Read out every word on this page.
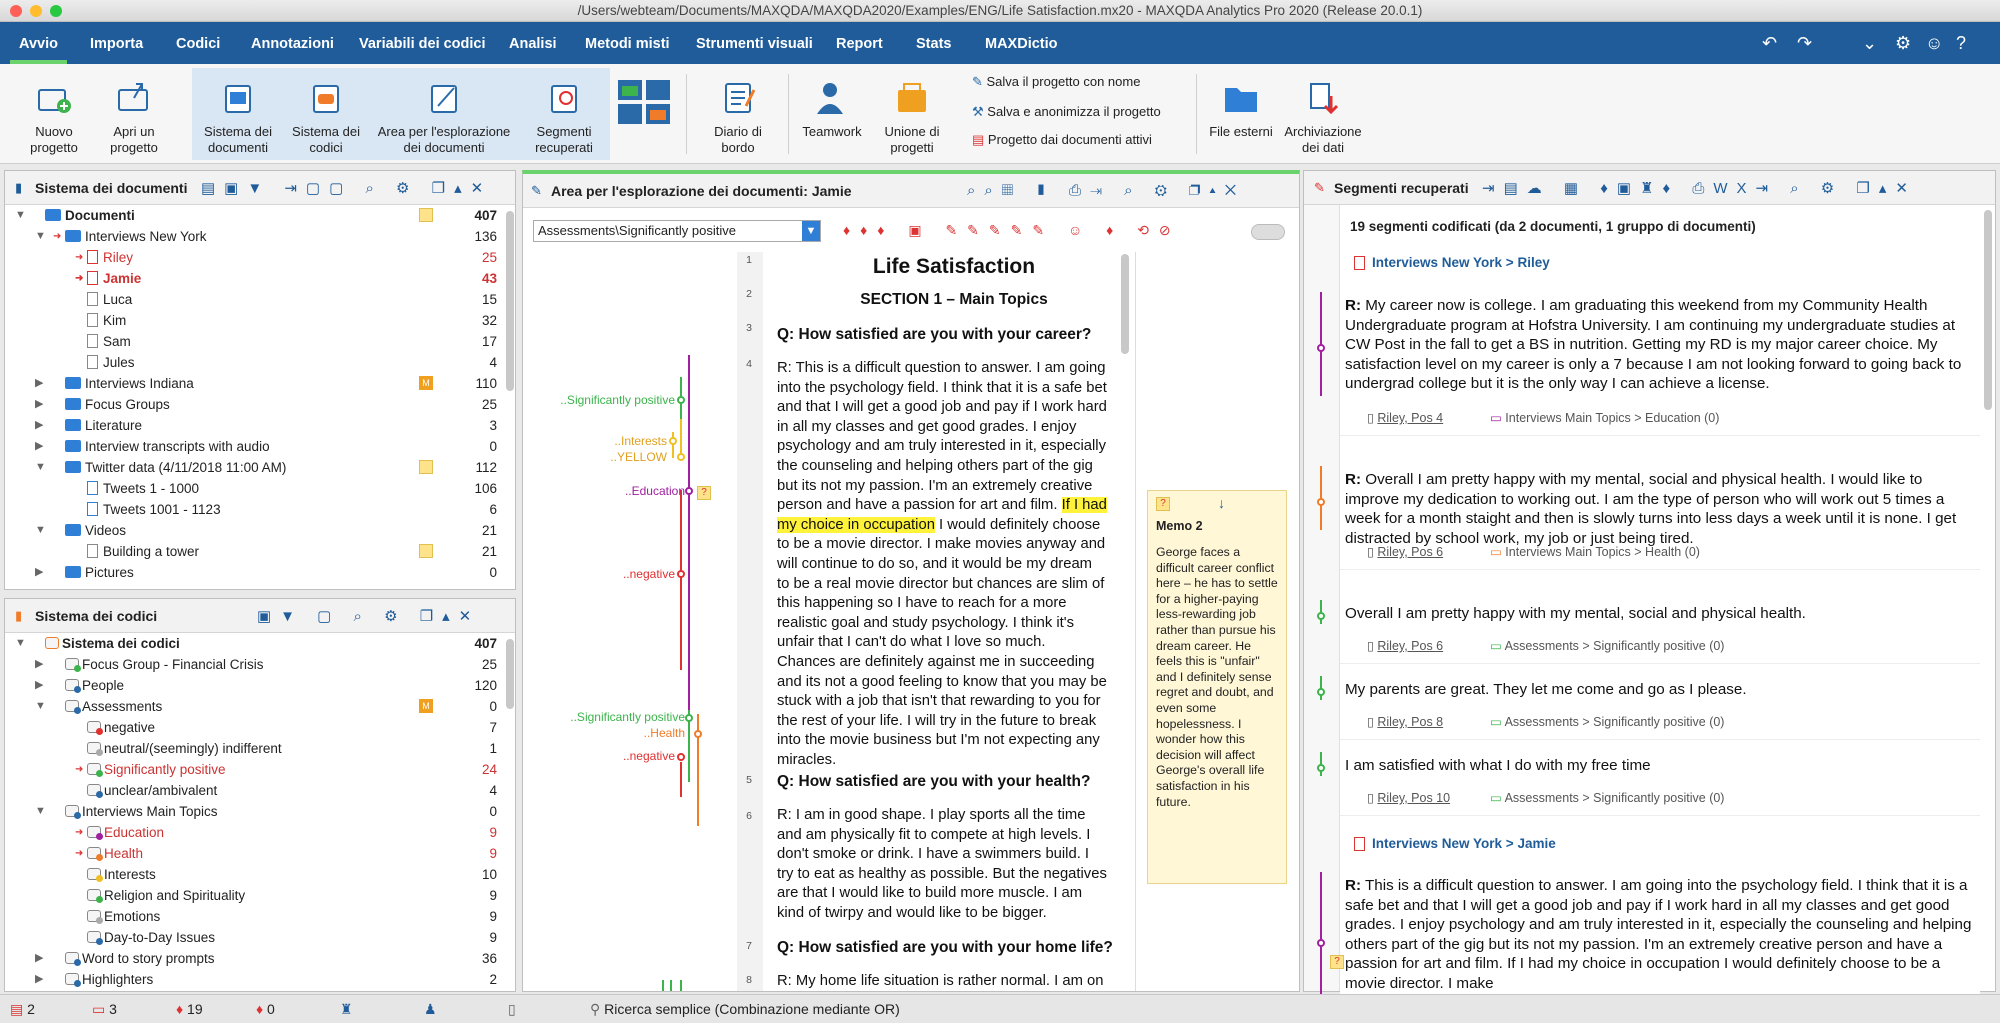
/Users/webteam/Documents/MAXQDA/MAXQDA2020/Examples/ENG/Life Satisfaction.mx20 - MAXQDA Analytics Pro 2020 (Release 20.0.1)
Avvio	Importa Codici Annotazioni Variabili dei codici Analisi Metodi misti Strumenti visuali Report Stats MAXDictio	↶ ↷	⌄ ⚙ ☺ ?
Nuovo progetto
Apri un progetto
Sistema dei documenti
Sistema dei codici
Area per l'esplorazione dei documenti
Segmenti recuperati
Diario di bordo
Teamwork	Unione di progetti
✎ Salva il progetto con nome
⚒ Salva e anonimizza il progetto
▤ Progetto dai documenti attivi
File esterni Archiviazione dei dati
▮ Sistema dei documenti ▤▣▼ ⇥▢▢ ⌕ ⚙ ❐▴✕
▼	Documenti	407
▼ ➜	Interviews New York	136
➜	Riley	25
➜	Jamie	43
Luca	15
Kim	32
Sam	17
Jules	4
▶	Interviews Indiana	M	110
▶	Focus Groups	25
▶	Literature	3
▶	Interview transcripts with audio	0
▼	Twitter data (4/11/2018 11:00 AM)	112
Tweets 1 - 1000	106
Tweets 1001 - 1123	6
▼	Videos	21
Building a tower	21
▶	Pictures	0
▮ Sistema dei codici	▣▼ ▢ ⌕ ⚙ ❐▴✕
▼	Sistema dei codici	407
▶	Focus Group - Financial Crisis	25
▶	People	120
▼	Assessments	M	0
negative	7
neutral/(seemingly) indifferent	1
➜	Significantly positive	24
unclear/ambivalent	4
▼	Interviews Main Topics	0
➜	Education	9
➜	Health	9
Interests	10
Religion and Spirituality	9
Emotions	9
Day-to-Day Issues	9
▶	Word to story prompts	36
▶	Highlighters	2
✎ Area per l'esplorazione dei documenti: Jamie	⌕⌕▦ ▮ ⎙⇥ ⌕ ⚙ ❐▴✕
Assessments\Significantly positive	▼ ♦♦♦ ▣ ✎✎✎✎✎ ☺ ♦ ⟲⊘
..Significantly positive
..Interests
..YELLOW
..Education
..negative
..Significantly positive
..Health
..negative
?
1
2
3
4
5
6
7
8
Life Satisfaction
SECTION 1 – Main Topics
Q: How satisfied are you with your career?
R: This is a difficult question to answer. I am going
into the psychology field. I think that it is a safe bet
and that I will get a good job and pay if I work hard
in all my classes and get good grades. I enjoy
psychology and am truly interested in it, especially
the counseling and helping others part of the gig
but its not my passion. I'm an extremely creative
person and have a passion for art and film. If I had
my choice in occupation I would definitely choose
to be a movie director. I make movies anyway and
will continue to do so, and it would be my dream
to be a real movie director but chances are slim of
this happening so I have to reach for a more
realistic goal and study psychology. I think it's
unfair that I can't do what I love so much.
Chances are definitely against me in succeeding
and its not a good feeling to know that you may be
stuck with a job that isn't that rewarding to you for
the rest of your life. I will try in the future to break
into the movie business but I'm not expecting any
miracles.
Q: How satisfied are you with your health?
R: I am in good shape. I play sports all the time
and am physically fit to compete at high levels. I
don't smoke or drink. I have a swimmers build. I
try to eat as healthy as possible. But the negatives
are that I would like to build more muscle. I am
kind of twirpy and would like to be bigger.
Q: How satisfied are you with your home life?
R: My home life situation is rather normal. I am on
?	↓
Memo 2
George faces a difficult career conflict here – he has to settle for a higher-paying less-rewarding job rather than pursue his dream career. He feels this is "unfair" and I definitely sense regret and doubt, and even some hopelessness. I wonder how this decision will affect George's overall life satisfaction in his future.
✎ Segmenti recuperati ⇥▤☁ ▦ ♦▣♜♦ ⎙WX⇥ ⌕ ⚙ ❐▴✕
19 segmenti codificati (da 2 documenti, 1 gruppo di documenti)
Interviews New York > Riley
Interviews New York > Jamie
R: My career now is college. I am graduating this weekend from my Community Health Undergraduate program at Hofstra University. I am continuing my undergraduate studies at CW Post in the fall to get a BS in nutrition. Getting my RD is my major career choice. My satisfaction level on my career is only a 7 because I am not looking forward to going back to undergrad college but it is the only way I can achieve a license.
▯ Riley, Pos 4	▭ Interviews Main Topics > Education (0)
R: Overall I am pretty happy with my mental, social and physical health. I would like to improve my dedication to working out. I am the type of person who will work out 5 times a week for a month staight and then is slowly turns into less days a week until it is none. I get distracted by school work, my job or just being tired.
▯ Riley, Pos 6	▭ Interviews Main Topics > Health (0)
Overall I am pretty happy with my mental, social and physical health.
▯ Riley, Pos 6	▭ Assessments > Significantly positive (0)
My parents are great. They let me come and go as I please.
▯ Riley, Pos 8	▭ Assessments > Significantly positive (0)
I am satisfied with what I do with my free time
▯ Riley, Pos 10	▭ Assessments > Significantly positive (0)
R: This is a difficult question to answer. I am going into the psychology field. I think that it is a safe bet and that I will get a good job and pay if I work hard in all my classes and get good grades. I enjoy psychology and am truly interested in it, especially the counseling and helping others part of the gig but its not my passion. I'm an extremely creative person and have a passion for art and film. If I had my choice in occupation I would definitely choose to be a movie director. I make
?
▤ 2	▭ 3	♦ 19	♦ 0	♜	♟	▯	⚲ Ricerca semplice (Combinazione mediante OR)
